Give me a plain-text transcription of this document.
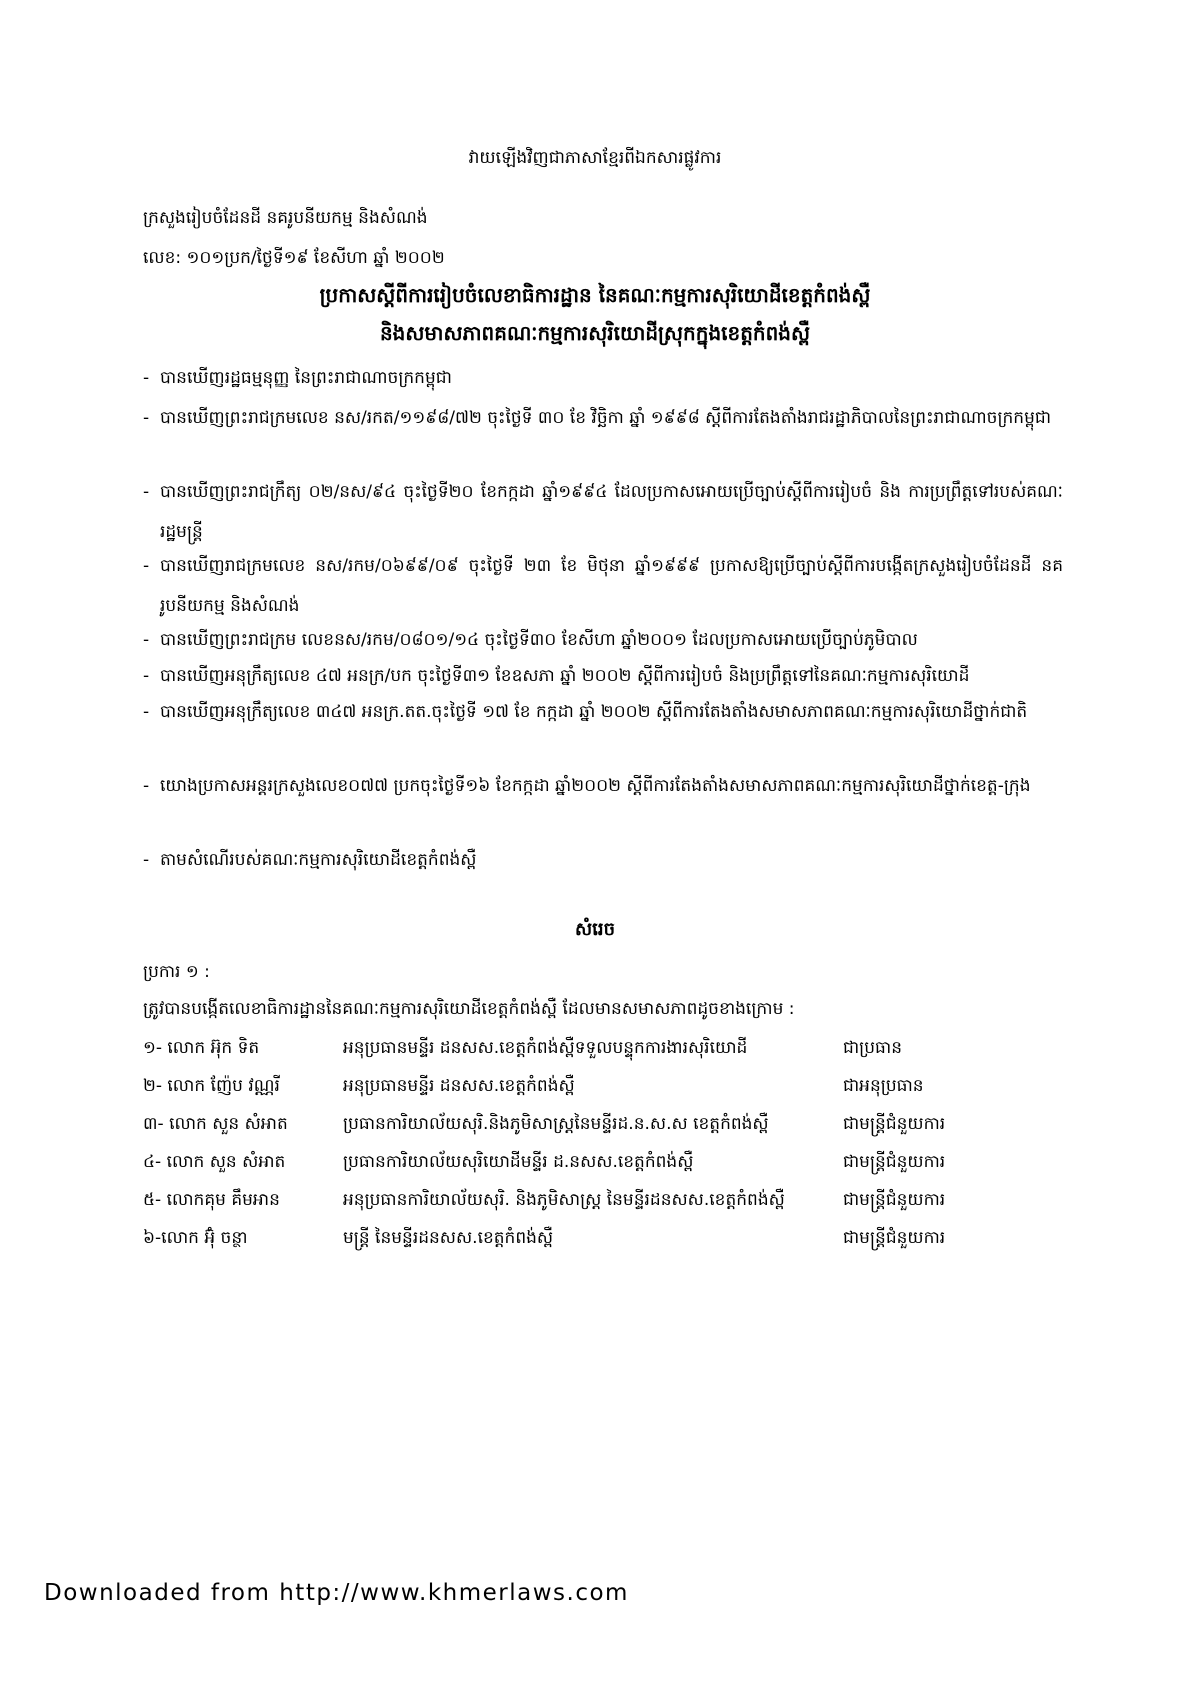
វាយឡើងវិញជាភាសាខ្មែរពីឯកសារផ្លូវការ
ក្រសួងរៀបចំដែនដី នគរូបនីយកម្ម និងសំណង់
លេខ: ១០១ប្រក/ថ្ងៃទី១៩ ខែសីហា ឆ្នាំ ២០០២
ប្រកាសស្តីពីការរៀបចំលេខាធិការដ្ឋាន នៃគណៈកម្មការសុរិយោដីខេត្តកំពង់ស្ពឺ
និងសមាសភាពគណៈកម្មការសុរិយោដីស្រុកក្នុងខេត្តកំពង់ស្ពឺ
- បានឃើញរដ្ឋធម្មនុញ្ញ នៃព្រះរាជាណាចក្រកម្ពុជា
- បានឃើញព្រះរាជក្រមលេខ នស/រកត/១១៩៨/៧២ ចុះថ្ងៃទី ៣០ ខែ វិច្ឆិកា ឆ្នាំ ១៩៩៨ ស្តីពីការតែងតាំងរាជរដ្ឋាភិបាលនៃព្រះរាជាណាចក្រកម្ពុជា
- បានឃើញព្រះរាជក្រឹត្យ ០២/នស/៩៤ ចុះថ្ងៃទី២០ ខែកក្កដា ឆ្នាំ១៩៩៤ ដែលប្រកាសអោយប្រើច្បាប់ស្តីពីការរៀបចំ និង ការប្រព្រឹត្តទៅរបស់គណៈរដ្ឋមន្ត្រី
- បានឃើញរាជក្រមលេខ នស/រកម/០៦៩៩/០៩ ចុះថ្ងៃទី ២៣ ខែ មិថុនា ឆ្នាំ១៩៩៩ ប្រកាសឱ្យប្រើច្បាប់ស្តីពីការបង្កើតក្រសួងរៀបចំដែនដី នគរូបនីយកម្ម និងសំណង់
- បានឃើញព្រះរាជក្រម លេខនស/រកម/០៨០១/១៤ ចុះថ្ងៃទី៣០ ខែសីហា ឆ្នាំ២០០១ ដែលប្រកាសអោយប្រើច្បាប់ភូមិបាល
- បានឃើញអនុក្រឹត្យលេខ ៤៧ អនក្រ/បក ចុះថ្ងៃទី៣១ ខែឧសភា ឆ្នាំ ២០០២ ស្តីពីការរៀបចំ និងប្រព្រឹត្តទៅនៃគណៈកម្មការសុរិយោដី
- បានឃើញអនុក្រឹត្យលេខ ៣៤៧ អនក្រ.តត.ចុះថ្ងៃទី ១៧ ខែ កក្កដា ឆ្នាំ ២០០២ ស្តីពីការតែងតាំងសមាសភាពគណៈកម្មការសុរិយោដីថ្នាក់ជាតិ
- យោងប្រកាសអន្តរក្រសួងលេខ០៧៧ ប្រកចុះថ្ងៃទី១៦ ខែកក្កដា ឆ្នាំ២០០២ ស្តីពីការតែងតាំងសមាសភាពគណៈកម្មការសុរិយោដីថ្នាក់ខេត្ត-ក្រុង
- តាមសំណើរបស់គណៈកម្មការសុរិយោដីខេត្តកំពង់ស្ពឺ
សំរេច
ប្រការ ១ :
ត្រូវបានបង្កើតលេខាធិការដ្ឋាននៃគណៈកម្មការសុរិយោដីខេត្តកំពង់ស្ពឺ ដែលមានសមាសភាពដូចខាងក្រោម :
១- លោក អ៊ុក ទិត	អនុប្រធានមន្ទីរ ដនសស.ខេត្តកំពង់ស្ពឺទទួលបន្ទុកការងារសុរិយោដី	ជាប្រធាន
២- លោក ញ៉ែប វណ្ណរី	អនុប្រធានមន្ទីរ ដនសស.ខេត្តកំពង់ស្ពឺ	ជាអនុប្រធាន
៣- លោក សួន សំអាត	ប្រធានការិយាល័យសុរិ.និងភូមិសាស្ត្រនៃមន្ទីរដ.ន.ស.ស ខេត្តកំពង់ស្ពឺ	ជាមន្ត្រីជំនួយការ
៤- លោក សួន សំអាត	ប្រធានការិយាល័យសុរិយោដីមន្ទីរ ដ.នសស.ខេត្តកំពង់ស្ពឺ	ជាមន្ត្រីជំនួយការ
៥- លោកគុម គឹមអាន	អនុប្រធានការិយាល័យសុរិ. និងភូមិសាស្ត្រ នៃមន្ទីរដនសស.ខេត្តកំពង់ស្ពឺ	ជាមន្ត្រីជំនួយការ
៦-លោក អ៊ុំ ចន្ថា	មន្ត្រី នៃមន្ទីរដនសស.ខេត្តកំពង់ស្ពឺ	ជាមន្ត្រីជំនួយការ
Downloaded from http://www.khmerlaws.com
